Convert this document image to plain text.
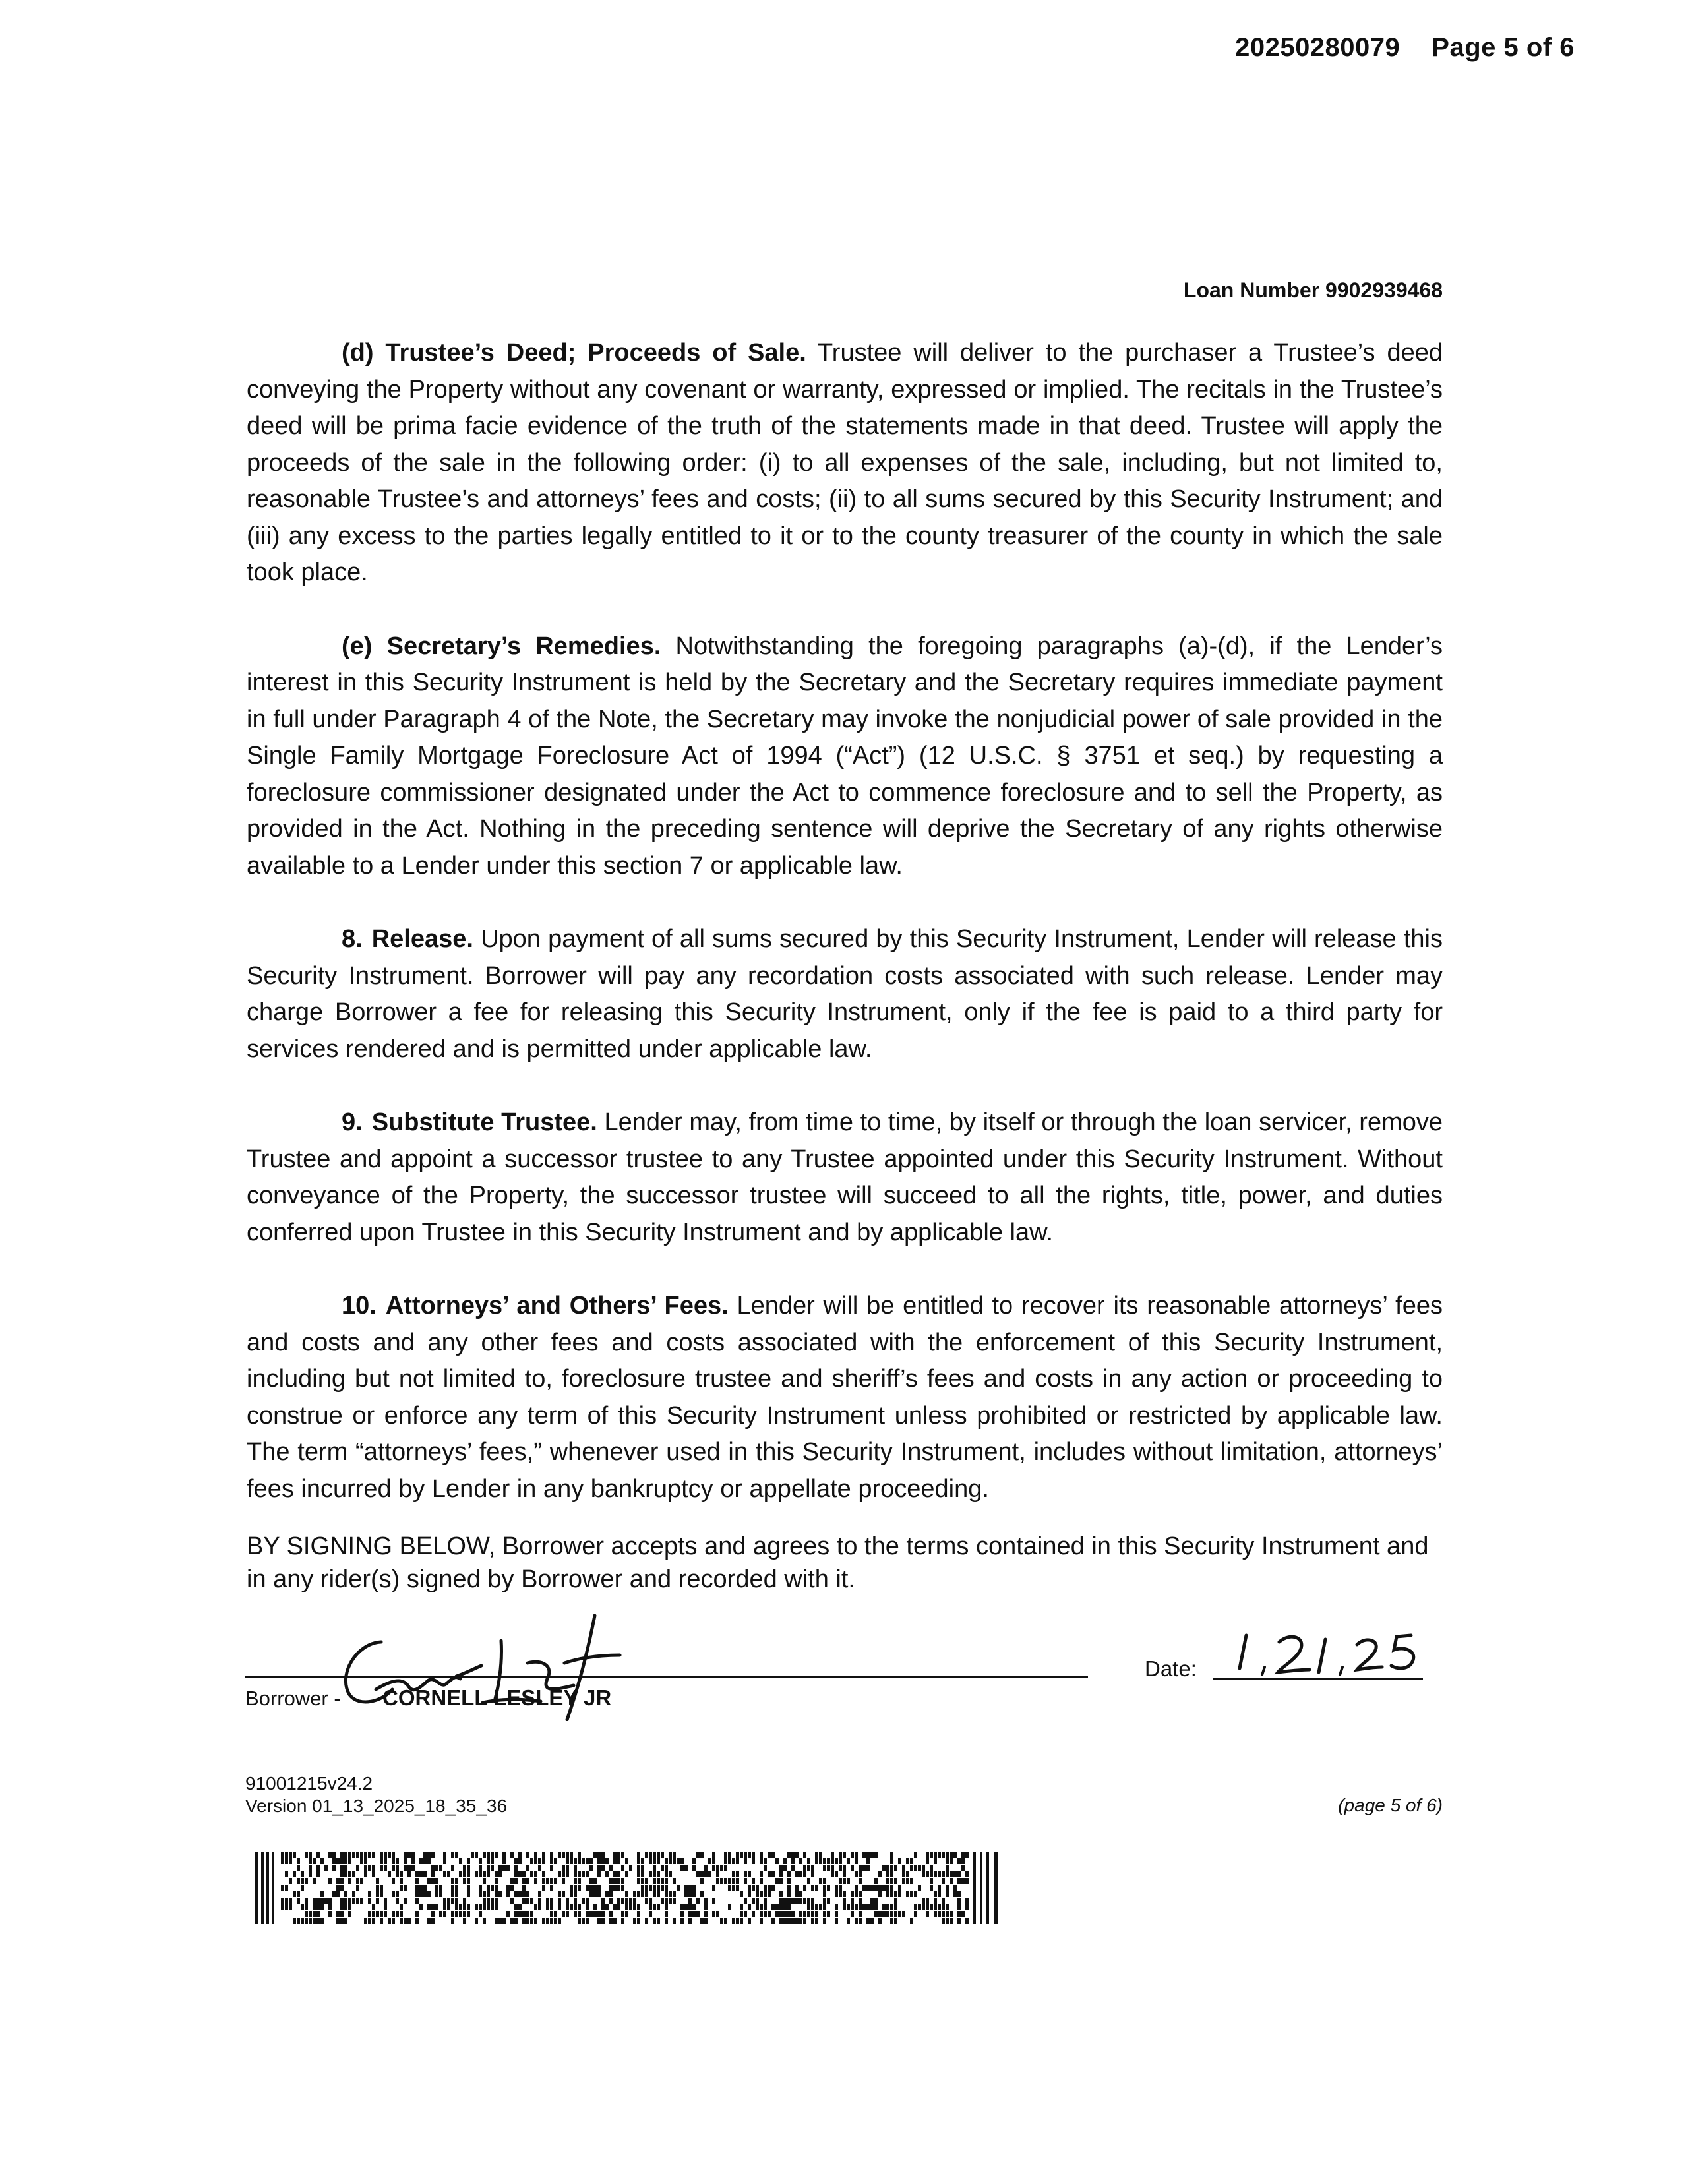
20250280079 Page 5 of 6
Loan Number 9902939468

(d) Trustee’s Deed; Proceeds of Sale. Trustee will deliver to the purchaser a Trustee’s deed conveying the Property without any covenant or warranty, expressed or implied. The recitals in the Trustee’s deed will be prima facie evidence of the truth of the statements made in that deed. Trustee will apply the proceeds of the sale in the following order: (i) to all expenses of the sale, including, but not limited to, reasonable Trustee’s and attorneys’ fees and costs; (ii) to all sums secured by this Security Instrument; and (iii) any excess to the parties legally entitled to it or to the county treasurer of the county in which the sale took place.

(e) Secretary’s Remedies. Notwithstanding the foregoing paragraphs (a)-(d), if the Lender’s interest in this Security Instrument is held by the Secretary and the Secretary requires immediate payment in full under Paragraph 4 of the Note, the Secretary may invoke the nonjudicial power of sale provided in the Single Family Mortgage Foreclosure Act of 1994 (“Act”) (12 U.S.C. § 3751 et seq.) by requesting a foreclosure commissioner designated under the Act to commence foreclosure and to sell the Property, as provided in the Act. Nothing in the preceding sentence will deprive the Secretary of any rights otherwise available to a Lender under this section 7 or applicable law.

8. Release. Upon payment of all sums secured by this Security Instrument, Lender will release this Security Instrument. Borrower will pay any recordation costs associated with such release. Lender may charge Borrower a fee for releasing this Security Instrument, only if the fee is paid to a third party for services rendered and is permitted under applicable law.

9. Substitute Trustee. Lender may, from time to time, by itself or through the loan servicer, remove Trustee and appoint a successor trustee to any Trustee appointed under this Security Instrument. Without conveyance of the Property, the successor trustee will succeed to all the rights, title, power, and duties conferred upon Trustee in this Security Instrument and by applicable law.

10. Attorneys’ and Others’ Fees. Lender will be entitled to recover its reasonable attorneys’ fees and costs and any other fees and costs associated with the enforcement of this Security Instrument, including but not limited to, foreclosure trustee and sheriff’s fees and costs in any action or proceeding to construe or enforce any term of this Security Instrument unless prohibited or restricted by applicable law. The term “attorneys’ fees,” whenever used in this Security Instrument, includes without limitation, attorneys’ fees incurred by Lender in any bankruptcy or appellate proceeding.

BY SIGNING BELOW, Borrower accepts and agrees to the terms contained in this Security Instrument and in any rider(s) signed by Borrower and recorded with it.
Borrower - CORNELL LESLEY JR
Date:
91001215v24.2
Version 01_13_2025_18_35_36	(page 5 of 6)
